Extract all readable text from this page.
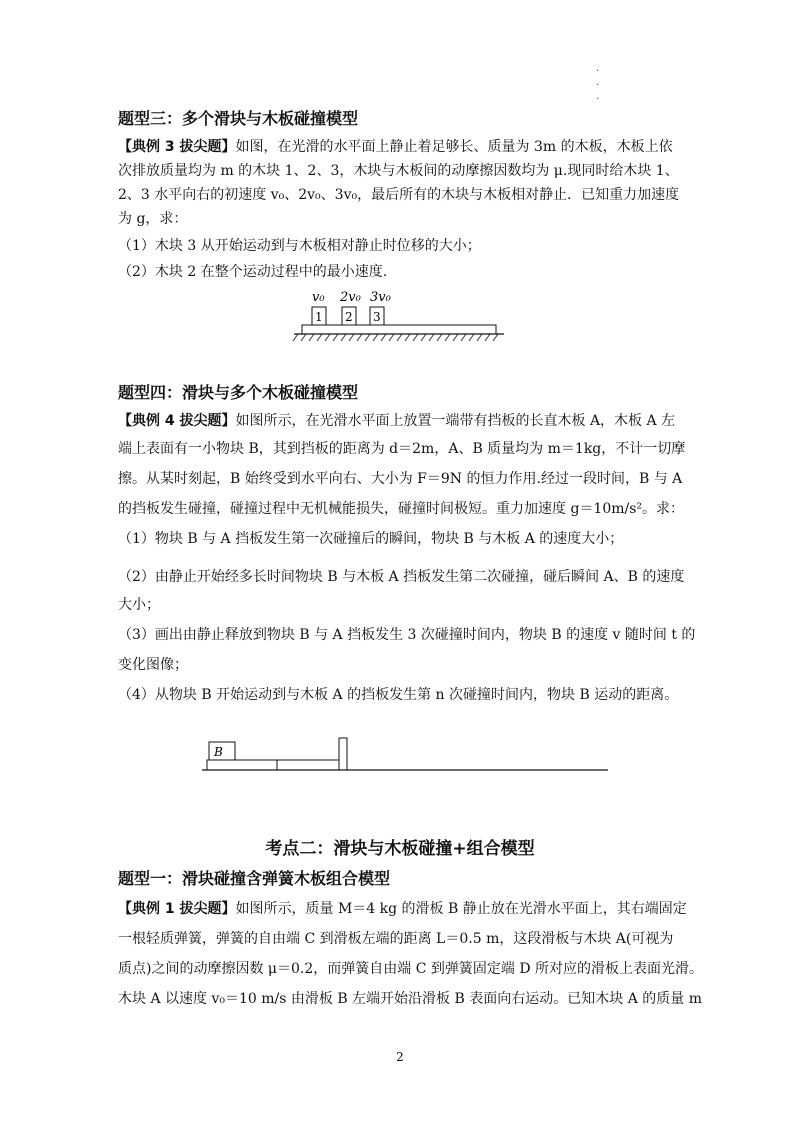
.
.
.
题型三：多个滑块与木板碰撞模型
【典例 3 拔尖题】如图，在光滑的水平面上静止着足够长、质量为 3m 的木板，木板上依
次排放质量均为 m 的木块 1、2、3，木块与木板间的动摩擦因数均为 μ.现同时给木块 1、
2、3 水平向右的初速度 v₀、2v₀、3v₀，最后所有的木块与木板相对静止．已知重力加速度
为 g，求：
（1）木块 3 从开始运动到与木板相对静止时位移的大小；
（2）木块 2 在整个运动过程中的最小速度.
v₀ 2v₀ 3v₀
1 2 3
题型四：滑块与多个木板碰撞模型
【典例 4 拔尖题】如图所示，在光滑水平面上放置一端带有挡板的长直木板 A，木板 A 左
端上表面有一小物块 B，其到挡板的距离为 d＝2m，A、B 质量均为 m＝1kg，不计一切摩
擦。从某时刻起，B 始终受到水平向右、大小为 F＝9N 的恒力作用.经过一段时间，B 与 A
的挡板发生碰撞，碰撞过程中无机械能损失，碰撞时间极短。重力加速度 g＝10m/s²。求：
（1）物块 B 与 A 挡板发生第一次碰撞后的瞬间，物块 B 与木板 A 的速度大小；
（2）由静止开始经多长时间物块 B 与木板 A 挡板发生第二次碰撞，碰后瞬间 A、B 的速度
大小；
（3）画出由静止释放到物块 B 与 A 挡板发生 3 次碰撞时间内，物块 B 的速度 v 随时间 t 的
变化图像；
（4）从物块 B 开始运动到与木板 A 的挡板发生第 n 次碰撞时间内，物块 B 运动的距离。
B
考点二：滑块与木板碰撞+组合模型
题型一：滑块碰撞含弹簧木板组合模型
【典例 1 拔尖题】如图所示，质量 M＝4 kg 的滑板 B 静止放在光滑水平面上，其右端固定
一根轻质弹簧，弹簧的自由端 C 到滑板左端的距离 L＝0.5 m，这段滑板与木块 A(可视为
质点)之间的动摩擦因数 μ＝0.2，而弹簧自由端 C 到弹簧固定端 D 所对应的滑板上表面光滑。
木块 A 以速度 v₀＝10 m/s 由滑板 B 左端开始沿滑板 B 表面向右运动。已知木块 A 的质量 m
2
